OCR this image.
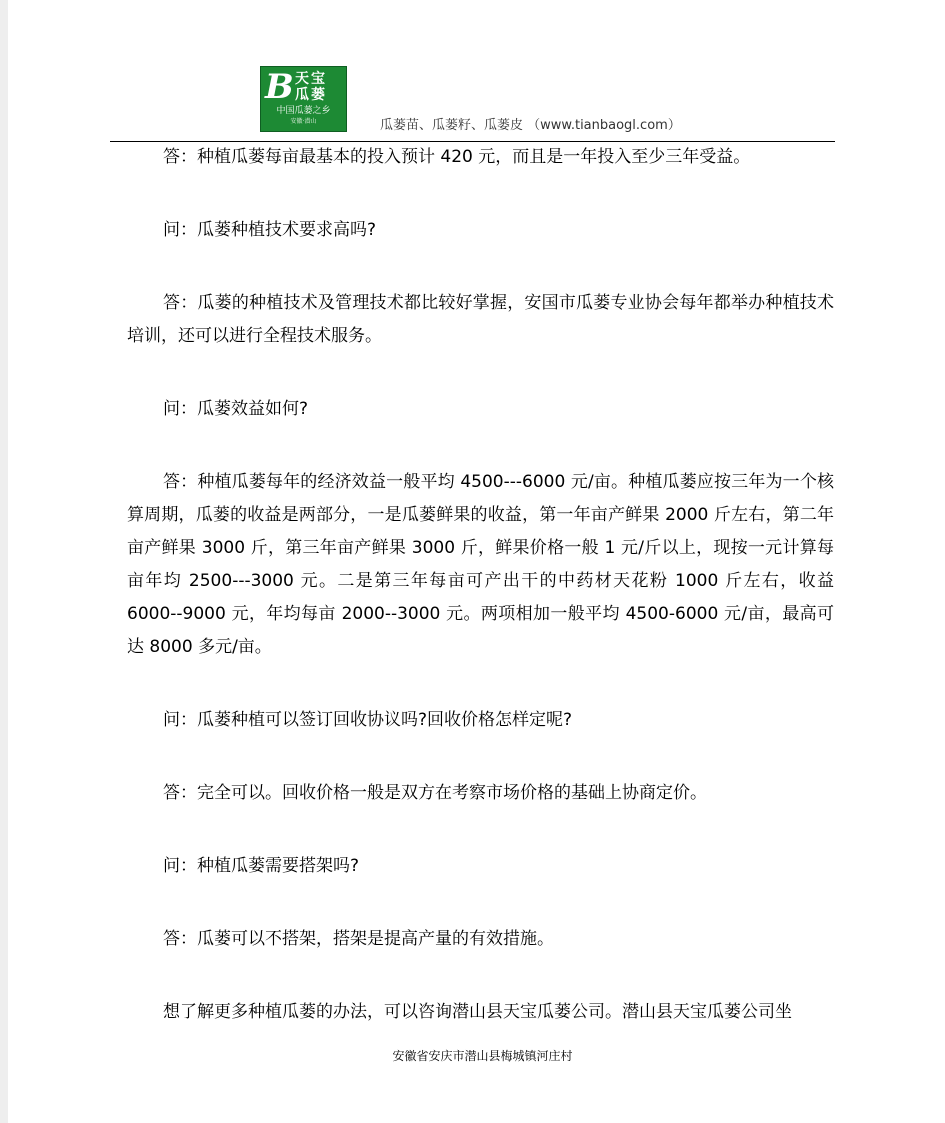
B 天宝
瓜蒌
中国瓜蒌之乡
安徽·潜山	瓜蒌苗、瓜蒌籽、瓜蒌皮 （www.tianbaogl.com）

答：种植瓜蒌每亩最基本的投入预计 420 元，而且是一年投入至少三年受益。

问：瓜蒌种植技术要求高吗?

答：瓜蒌的种植技术及管理技术都比较好掌握，安国市瓜蒌专业协会每年都举办种植技术培训，还可以进行全程技术服务。

问：瓜蒌效益如何?

答：种植瓜蒌每年的经济效益一般平均 4500---6000 元/亩。种植瓜蒌应按三年为一个核算周期，瓜蒌的收益是两部分，一是瓜蒌鲜果的收益，第一年亩产鲜果 2000 斤左右，第二年亩产鲜果 3000 斤，第三年亩产鲜果 3000 斤，鲜果价格一般 1 元/斤以上，现按一元计算每亩年均 2500---3000 元。二是第三年每亩可产出干的中药材天花粉 1000 斤左右，收益 6000--9000 元，年均每亩 2000--3000 元。两项相加一般平均 4500-6000 元/亩，最高可达 8000 多元/亩。

问：瓜蒌种植可以签订回收协议吗?回收价格怎样定呢?

答：完全可以。回收价格一般是双方在考察市场价格的基础上协商定价。

问：种植瓜蒌需要搭架吗?

答：瓜蒌可以不搭架，搭架是提高产量的有效措施。

想了解更多种植瓜蒌的办法，可以咨询潜山县天宝瓜蒌公司。潜山县天宝瓜蒌公司坐

安徽省安庆市潜山县梅城镇河庄村
